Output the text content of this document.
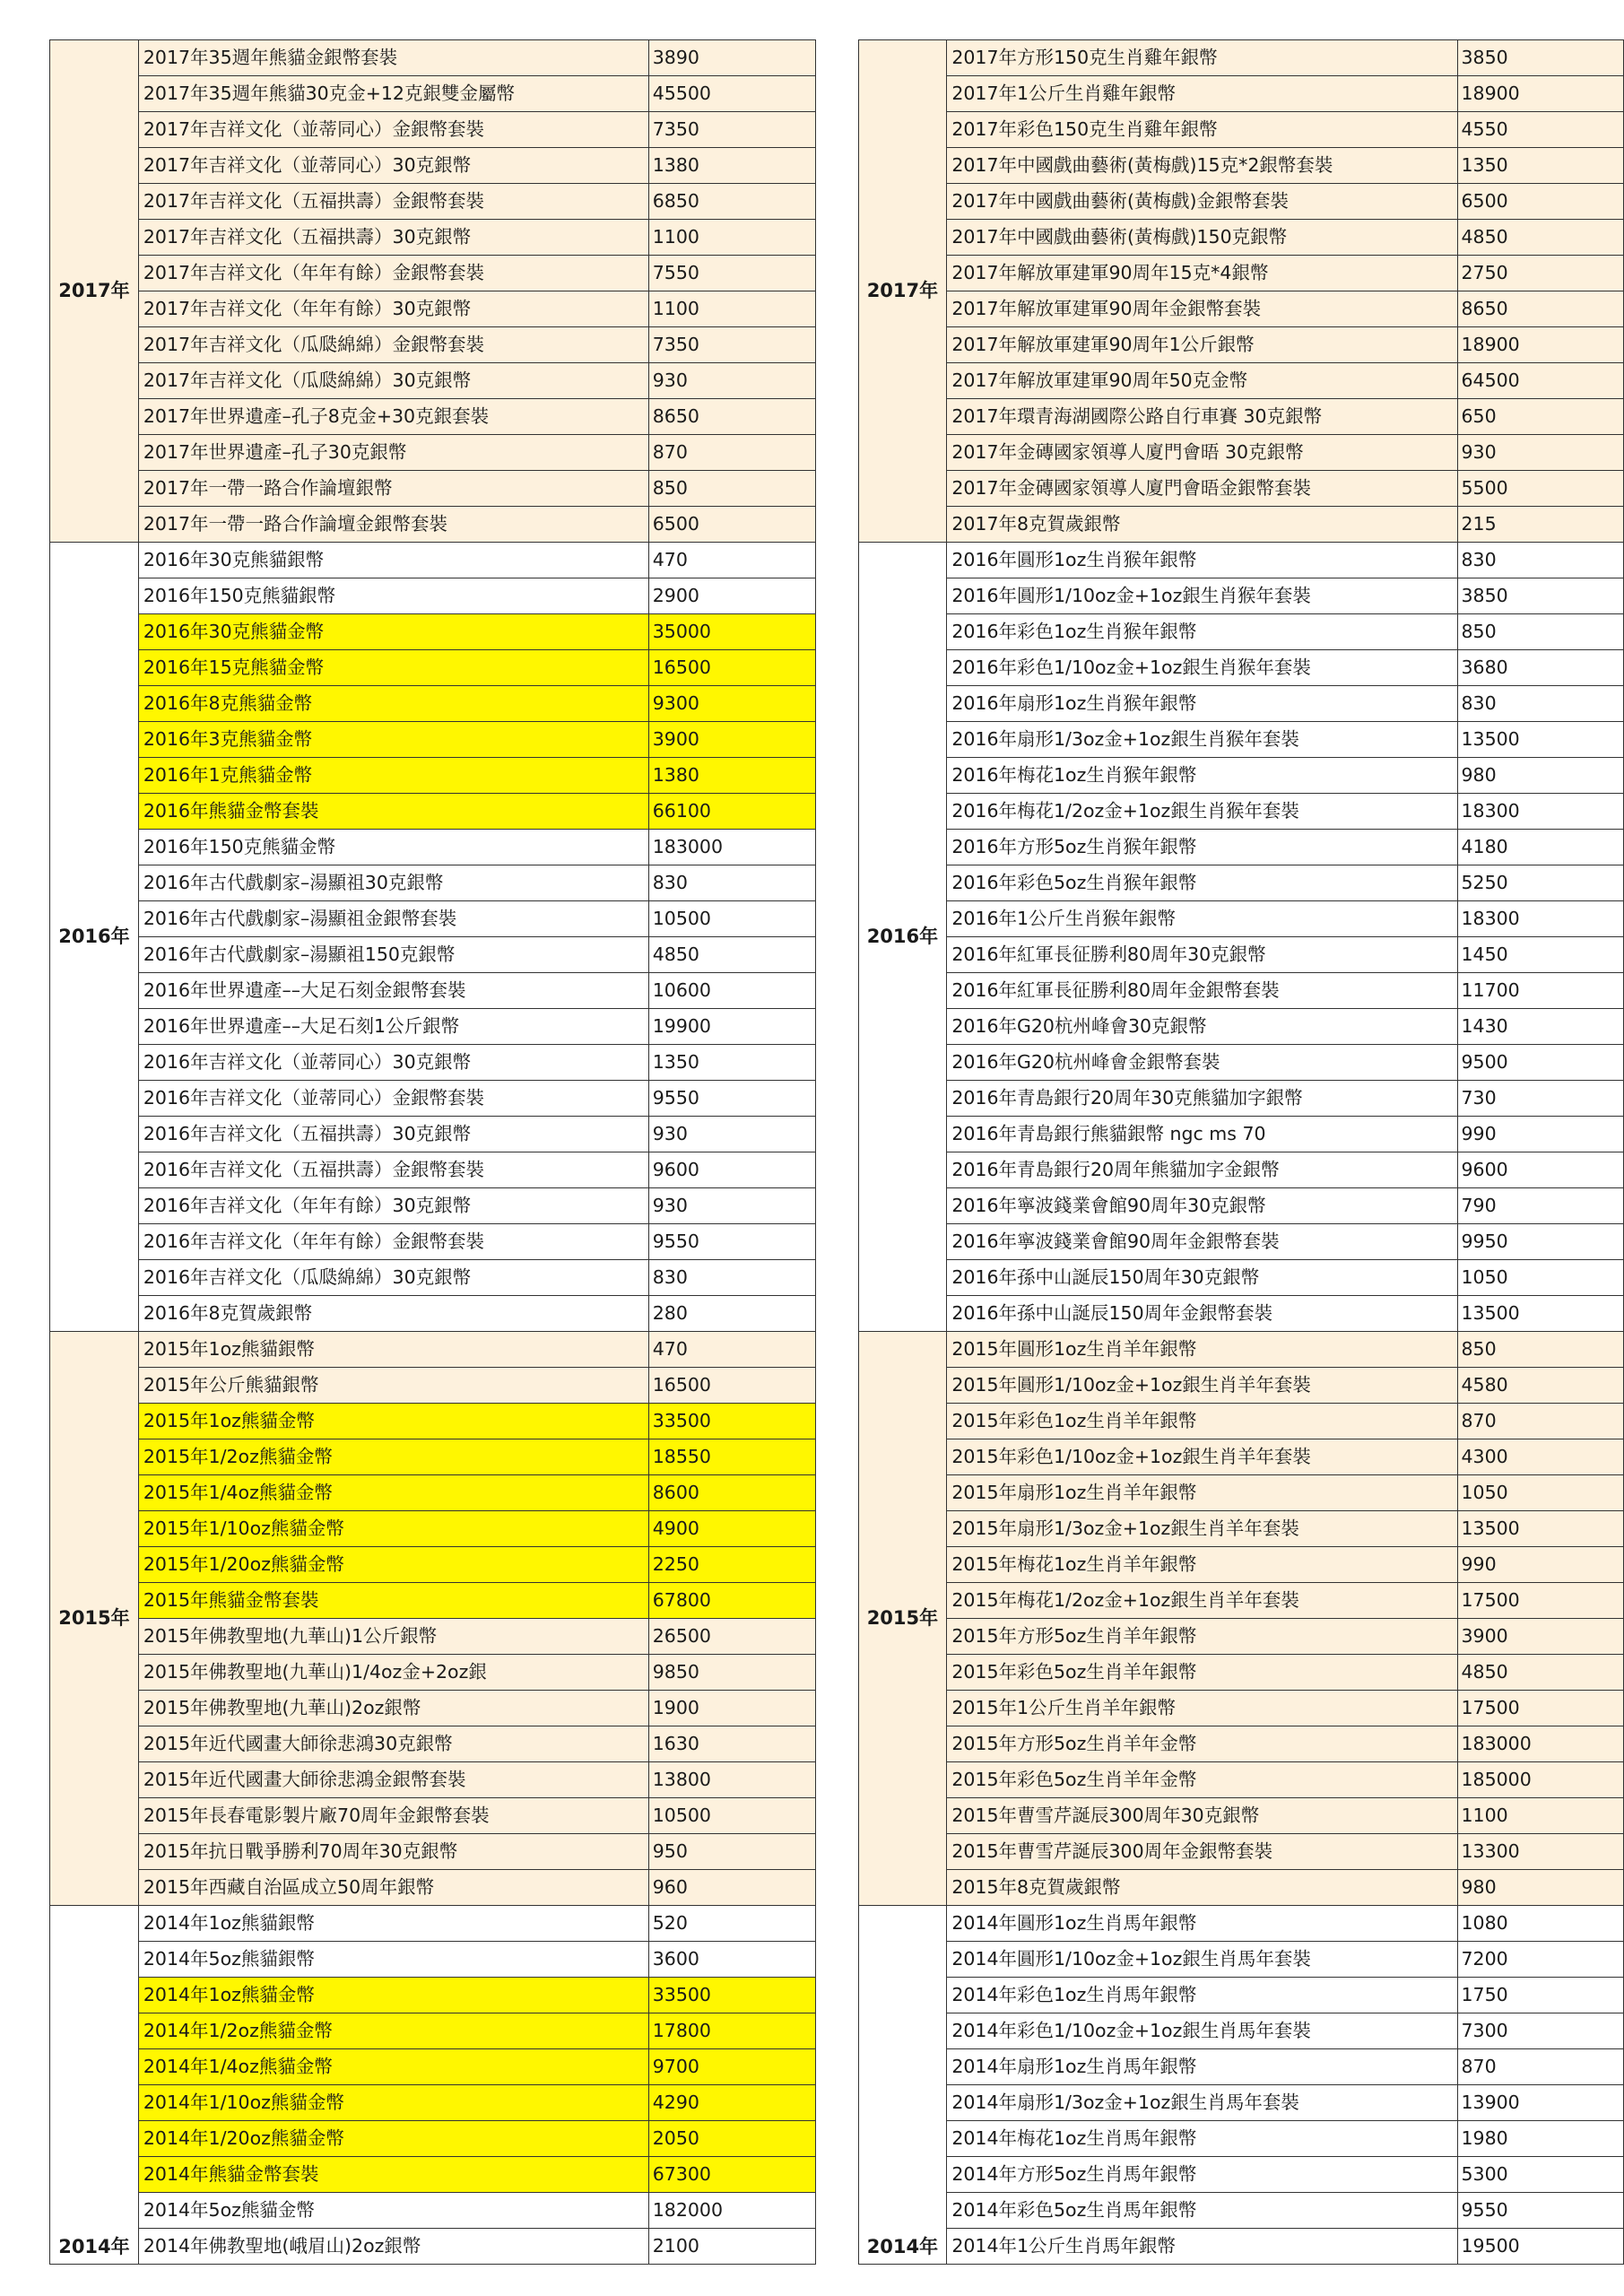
2017年	2017年35週年熊貓金銀幣套裝	3890
	2017年35週年熊貓30克金+12克銀雙金屬幣	45500
	2017年吉祥文化（並蒂同心）金銀幣套裝	7350
	2017年吉祥文化（並蒂同心）30克銀幣	1380
	2017年吉祥文化（五福拱壽）金銀幣套裝	6850
	2017年吉祥文化（五福拱壽）30克銀幣	1100
	2017年吉祥文化（年年有餘）金銀幣套裝	7550
	2017年吉祥文化（年年有餘）30克銀幣	1100
	2017年吉祥文化（瓜瓞綿綿）金銀幣套裝	7350
	2017年吉祥文化（瓜瓞綿綿）30克銀幣	930
	2017年世界遺產–孔子8克金+30克銀套裝	8650
	2017年世界遺產–孔子30克銀幣	870
	2017年一帶一路合作論壇銀幣	850
	2017年一帶一路合作論壇金銀幣套裝	6500
2016年	2016年30克熊貓銀幣	470
	2016年150克熊貓銀幣	2900
	2016年30克熊貓金幣	35000
	2016年15克熊貓金幣	16500
	2016年8克熊貓金幣	9300
	2016年3克熊貓金幣	3900
	2016年1克熊貓金幣	1380
	2016年熊貓金幣套裝	66100
	2016年150克熊貓金幣	183000
	2016年古代戲劇家–湯顯祖30克銀幣	830
	2016年古代戲劇家–湯顯祖金銀幣套裝	10500
	2016年古代戲劇家–湯顯祖150克銀幣	4850
	2016年世界遺產––大足石刻金銀幣套裝	10600
	2016年世界遺產––大足石刻1公斤銀幣	19900
	2016年吉祥文化（並蒂同心）30克銀幣	1350
	2016年吉祥文化（並蒂同心）金銀幣套裝	9550
	2016年吉祥文化（五福拱壽）30克銀幣	930
	2016年吉祥文化（五福拱壽）金銀幣套裝	9600
	2016年吉祥文化（年年有餘）30克銀幣	930
	2016年吉祥文化（年年有餘）金銀幣套裝	9550
	2016年吉祥文化（瓜瓞綿綿）30克銀幣	830
	2016年8克賀歲銀幣	280
2015年	2015年1oz熊貓銀幣	470
	2015年公斤熊貓銀幣	16500
	2015年1oz熊貓金幣	33500
	2015年1/2oz熊貓金幣	18550
	2015年1/4oz熊貓金幣	8600
	2015年1/10oz熊貓金幣	4900
	2015年1/20oz熊貓金幣	2250
	2015年熊貓金幣套裝	67800
	2015年佛教聖地(九華山)1公斤銀幣	26500
	2015年佛教聖地(九華山)1/4oz金+2oz銀	9850
	2015年佛教聖地(九華山)2oz銀幣	1900
	2015年近代國畫大師徐悲鴻30克銀幣	1630
	2015年近代國畫大師徐悲鴻金銀幣套裝	13800
	2015年長春電影製片廠70周年金銀幣套裝	10500
	2015年抗日戰爭勝利70周年30克銀幣	950
	2015年西藏自治區成立50周年銀幣	960
2014年	2014年1oz熊貓銀幣	520
	2014年5oz熊貓銀幣	3600
	2014年1oz熊貓金幣	33500
	2014年1/2oz熊貓金幣	17800
	2014年1/4oz熊貓金幣	9700
	2014年1/10oz熊貓金幣	4290
	2014年1/20oz熊貓金幣	2050
	2014年熊貓金幣套裝	67300
	2014年5oz熊貓金幣	182000
	2014年佛教聖地(峨眉山)2oz銀幣	2100
2017年	2017年方形150克生肖雞年銀幣	3850
	2017年1公斤生肖雞年銀幣	18900
	2017年彩色150克生肖雞年銀幣	4550
	2017年中國戲曲藝術(黃梅戲)15克*2銀幣套裝	1350
	2017年中國戲曲藝術(黃梅戲)金銀幣套裝	6500
	2017年中國戲曲藝術(黃梅戲)150克銀幣	4850
	2017年解放軍建軍90周年15克*4銀幣	2750
	2017年解放軍建軍90周年金銀幣套裝	8650
	2017年解放軍建軍90周年1公斤銀幣	18900
	2017年解放軍建軍90周年50克金幣	64500
	2017年環青海湖國際公路自行車賽 30克銀幣	650
	2017年金磚國家領導人廈門會晤 30克銀幣	930
	2017年金磚國家領導人廈門會晤金銀幣套裝	5500
	2017年8克賀歲銀幣	215
2016年	2016年圓形1oz生肖猴年銀幣	830
	2016年圓形1/10oz金+1oz銀生肖猴年套裝	3850
	2016年彩色1oz生肖猴年銀幣	850
	2016年彩色1/10oz金+1oz銀生肖猴年套裝	3680
	2016年扇形1oz生肖猴年銀幣	830
	2016年扇形1/3oz金+1oz銀生肖猴年套裝	13500
	2016年梅花1oz生肖猴年銀幣	980
	2016年梅花1/2oz金+1oz銀生肖猴年套裝	18300
	2016年方形5oz生肖猴年銀幣	4180
	2016年彩色5oz生肖猴年銀幣	5250
	2016年1公斤生肖猴年銀幣	18300
	2016年紅軍長征勝利80周年30克銀幣	1450
	2016年紅軍長征勝利80周年金銀幣套裝	11700
	2016年G20杭州峰會30克銀幣	1430
	2016年G20杭州峰會金銀幣套裝	9500
	2016年青島銀行20周年30克熊貓加字銀幣	730
	2016年青島銀行熊貓銀幣 ngc ms 70	990
	2016年青島銀行20周年熊貓加字金銀幣	9600
	2016年寧波錢業會館90周年30克銀幣	790
	2016年寧波錢業會館90周年金銀幣套裝	9950
	2016年孫中山誕辰150周年30克銀幣	1050
	2016年孫中山誕辰150周年金銀幣套裝	13500
2015年	2015年圓形1oz生肖羊年銀幣	850
	2015年圓形1/10oz金+1oz銀生肖羊年套裝	4580
	2015年彩色1oz生肖羊年銀幣	870
	2015年彩色1/10oz金+1oz銀生肖羊年套裝	4300
	2015年扇形1oz生肖羊年銀幣	1050
	2015年扇形1/3oz金+1oz銀生肖羊年套裝	13500
	2015年梅花1oz生肖羊年銀幣	990
	2015年梅花1/2oz金+1oz銀生肖羊年套裝	17500
	2015年方形5oz生肖羊年銀幣	3900
	2015年彩色5oz生肖羊年銀幣	4850
	2015年1公斤生肖羊年銀幣	17500
	2015年方形5oz生肖羊年金幣	183000
	2015年彩色5oz生肖羊年金幣	185000
	2015年曹雪芹誕辰300周年30克銀幣	1100
	2015年曹雪芹誕辰300周年金銀幣套裝	13300
	2015年8克賀歲銀幣	980
2014年	2014年圓形1oz生肖馬年銀幣	1080
	2014年圓形1/10oz金+1oz銀生肖馬年套裝	7200
	2014年彩色1oz生肖馬年銀幣	1750
	2014年彩色1/10oz金+1oz銀生肖馬年套裝	7300
	2014年扇形1oz生肖馬年銀幣	870
	2014年扇形1/3oz金+1oz銀生肖馬年套裝	13900
	2014年梅花1oz生肖馬年銀幣	1980
	2014年方形5oz生肖馬年銀幣	5300
	2014年彩色5oz生肖馬年銀幣	9550
	2014年1公斤生肖馬年銀幣	19500
